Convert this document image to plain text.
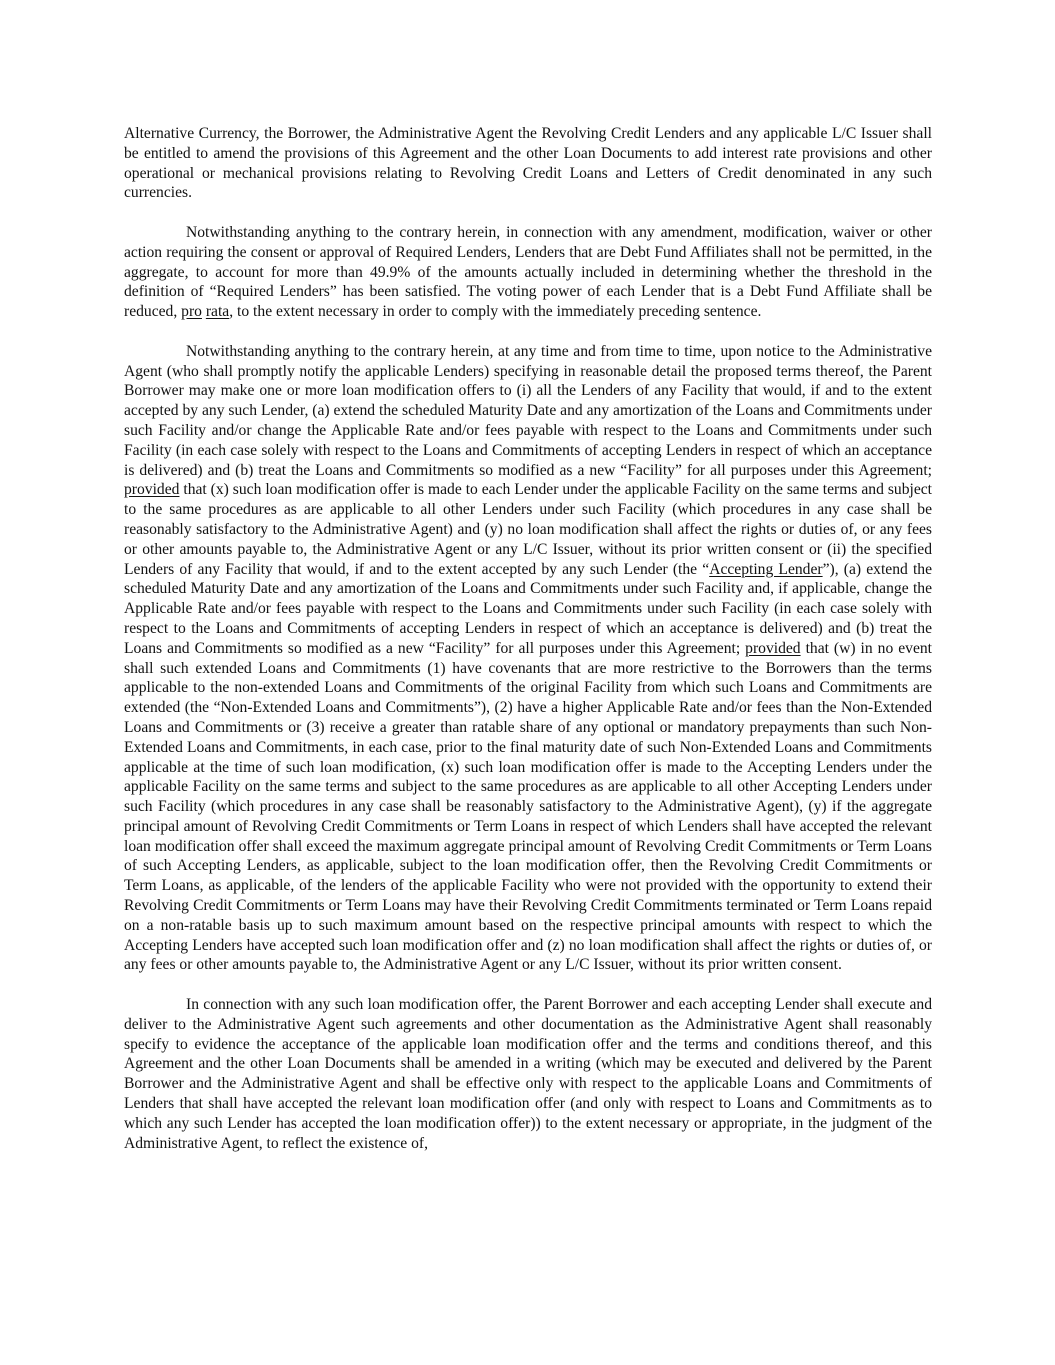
Alternative Currency, the Borrower, the Administrative Agent the Revolving Credit Lenders and any applicable L/C Issuer shall be entitled to amend the provisions of this Agreement and the other Loan Documents to add interest rate provisions and other operational or mechanical provisions relating to Revolving Credit Loans and Letters of Credit denominated in any such currencies.

Notwithstanding anything to the contrary herein, in connection with any amendment, modification, waiver or other action requiring the consent or approval of Required Lenders, Lenders that are Debt Fund Affiliates shall not be permitted, in the aggregate, to account for more than 49.9% of the amounts actually included in determining whether the threshold in the definition of “Required Lenders” has been satisfied. The voting power of each Lender that is a Debt Fund Affiliate shall be reduced, pro rata, to the extent necessary in order to comply with the immediately preceding sentence.

Notwithstanding anything to the contrary herein, at any time and from time to time, upon notice to the Administrative Agent (who shall promptly notify the applicable Lenders) specifying in reasonable detail the proposed terms thereof, the Parent Borrower may make one or more loan modification offers to (i) all the Lenders of any Facility that would, if and to the extent accepted by any such Lender, (a) extend the scheduled Maturity Date and any amortization of the Loans and Commitments under such Facility and/or change the Applicable Rate and/or fees payable with respect to the Loans and Commitments under such Facility (in each case solely with respect to the Loans and Commitments of accepting Lenders in respect of which an acceptance is delivered) and (b) treat the Loans and Commitments so modified as a new “Facility” for all purposes under this Agreement; provided that (x) such loan modification offer is made to each Lender under the applicable Facility on the same terms and subject to the same procedures as are applicable to all other Lenders under such Facility (which procedures in any case shall be reasonably satisfactory to the Administrative Agent) and (y) no loan modification shall affect the rights or duties of, or any fees or other amounts payable to, the Administrative Agent or any L/C Issuer, without its prior written consent or (ii) the specified Lenders of any Facility that would, if and to the extent accepted by any such Lender (the “Accepting Lender”), (a) extend the scheduled Maturity Date and any amortization of the Loans and Commitments under such Facility and, if applicable, change the Applicable Rate and/or fees payable with respect to the Loans and Commitments under such Facility (in each case solely with respect to the Loans and Commitments of accepting Lenders in respect of which an acceptance is delivered) and (b) treat the Loans and Commitments so modified as a new “Facility” for all purposes under this Agreement; provided that (w) in no event shall such extended Loans and Commitments (1) have covenants that are more restrictive to the Borrowers than the terms applicable to the non-extended Loans and Commitments of the original Facility from which such Loans and Commitments are extended (the “Non-Extended Loans and Commitments”), (2) have a higher Applicable Rate and/or fees than the Non-Extended Loans and Commitments or (3) receive a greater than ratable share of any optional or mandatory prepayments than such Non-Extended Loans and Commitments, in each case, prior to the final maturity date of such Non-Extended Loans and Commitments applicable at the time of such loan modification, (x) such loan modification offer is made to the Accepting Lenders under the applicable Facility on the same terms and subject to the same procedures as are applicable to all other Accepting Lenders under such Facility (which procedures in any case shall be reasonably satisfactory to the Administrative Agent), (y) if the aggregate principal amount of Revolving Credit Commitments or Term Loans in respect of which Lenders shall have accepted the relevant loan modification offer shall exceed the maximum aggregate principal amount of Revolving Credit Commitments or Term Loans of such Accepting Lenders, as applicable, subject to the loan modification offer, then the Revolving Credit Commitments or Term Loans, as applicable, of the lenders of the applicable Facility who were not provided with the opportunity to extend their Revolving Credit Commitments or Term Loans may have their Revolving Credit Commitments terminated or Term Loans repaid on a non-ratable basis up to such maximum amount based on the respective principal amounts with respect to which the Accepting Lenders have accepted such loan modification offer and (z) no loan modification shall affect the rights or duties of, or any fees or other amounts payable to, the Administrative Agent or any L/C Issuer, without its prior written consent.

In connection with any such loan modification offer, the Parent Borrower and each accepting Lender shall execute and deliver to the Administrative Agent such agreements and other documentation as the Administrative Agent shall reasonably specify to evidence the acceptance of the applicable loan modification offer and the terms and conditions thereof, and this Agreement and the other Loan Documents shall be amended in a writing (which may be executed and delivered by the Parent Borrower and the Administrative Agent and shall be effective only with respect to the applicable Loans and Commitments of Lenders that shall have accepted the relevant loan modification offer (and only with respect to Loans and Commitments as to which any such Lender has accepted the loan modification offer)) to the extent necessary or appropriate, in the judgment of the Administrative Agent, to reflect the existence of,
